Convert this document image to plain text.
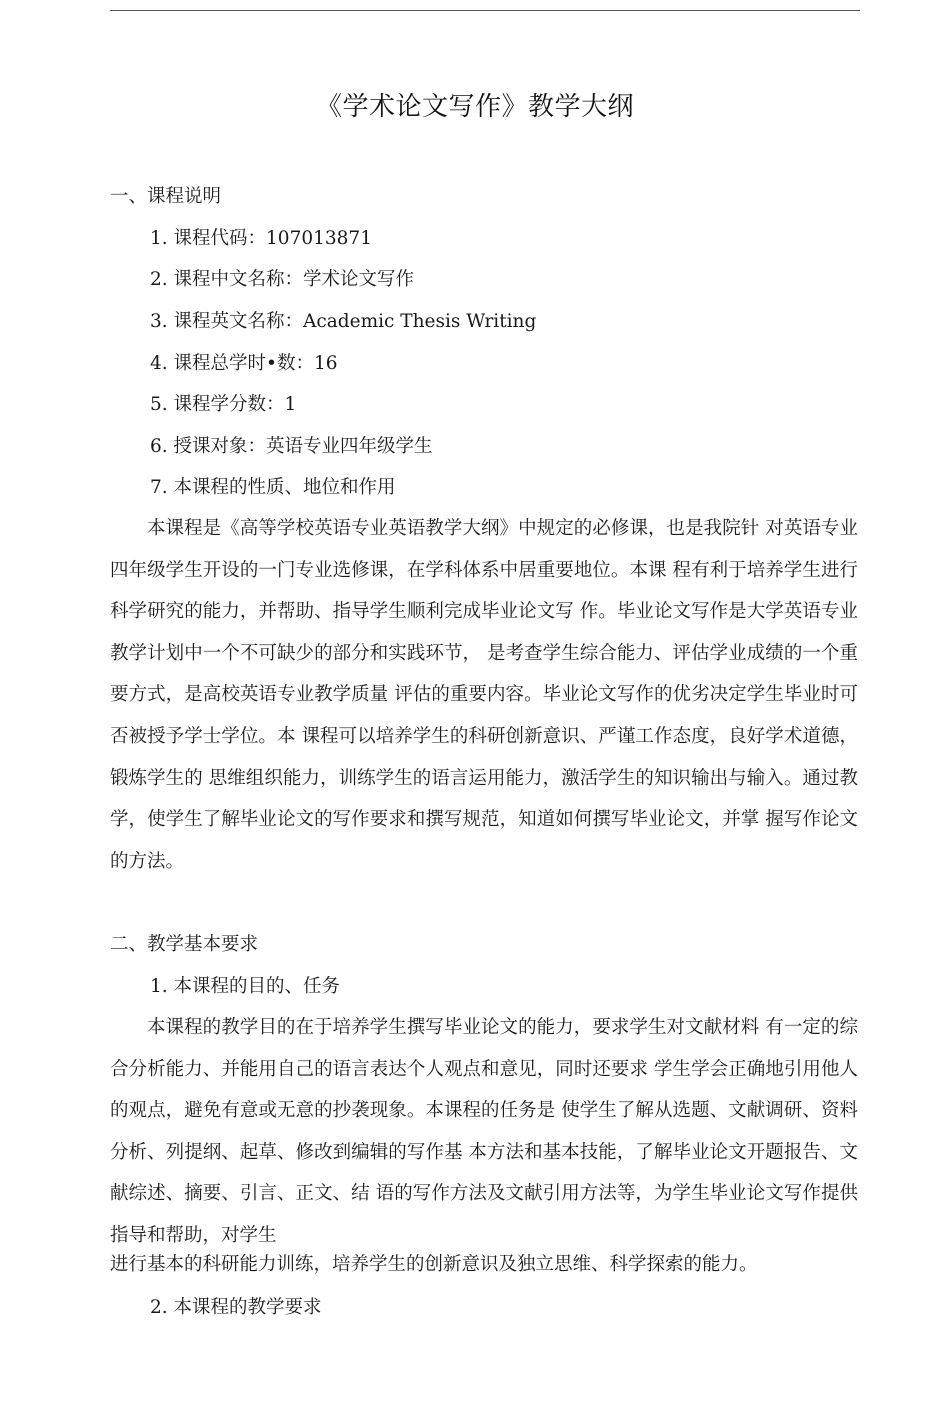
《学术论文写作》教学大纲
一、课程说明
1. 课程代码：107013871
2. 课程中文名称：学术论文写作
3. 课程英文名称：Academic Thesis Writing
4. 课程总学时•数：16
5. 课程学分数：1
6. 授课对象：英语专业四年级学生
7. 本课程的性质、地位和作用

本课程是《高等学校英语专业英语教学大纲》中规定的必修课，也是我院针 对英语专业四年级学生开设的一门专业选修课，在学科体系中居重要地位。本课 程有利于培养学生进行科学研究的能力，并帮助、指导学生顺利完成毕业论文写 作。毕业论文写作是大学英语专业教学计划中一个不可缺少的部分和实践环节， 是考查学生综合能力、评估学业成绩的一个重要方式，是高校英语专业教学质量 评估的重要内容。毕业论文写作的优劣决定学生毕业时可否被授予学士学位。本 课程可以培养学生的科研创新意识、严谨工作态度，良好学术道德，锻炼学生的 思维组织能力，训练学生的语言运用能力，激活学生的知识输出与输入。通过教 学，使学生了解毕业论文的写作要求和撰写规范，知道如何撰写毕业论文，并掌 握写作论文的方法。

二、教学基本要求
1. 本课程的目的、任务

本课程的教学目的在于培养学生撰写毕业论文的能力，要求学生对文献材料 有一定的综合分析能力、并能用自己的语言表达个人观点和意见，同时还要求 学生学会正确地引用他人的观点，避免有意或无意的抄袭现象。本课程的任务是 使学生了解从选题、文献调研、资料分析、列提纲、起草、修改到编辑的写作基 本方法和基本技能，了解毕业论文开题报告、文献综述、摘要、引言、正文、结 语的写作方法及文献引用方法等，为学生毕业论文写作提供指导和帮助，对学生

进行基本的科研能力训练，培养学生的创新意识及独立思维、科学探索的能力。

2. 本课程的教学要求
